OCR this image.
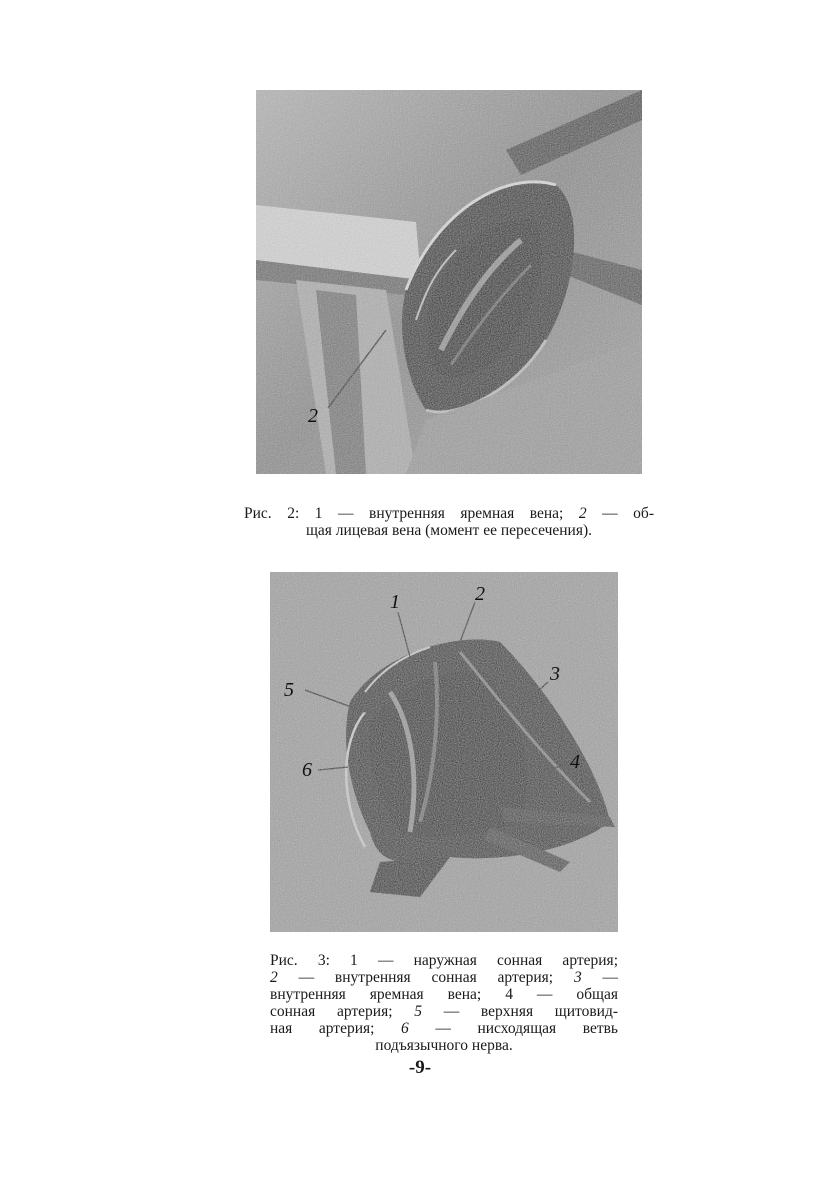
2
Рис. 2: 1 — внутренняя яремная вена; 2 — об-
щая лицевая вена (момент ее пересечения).
1	2
3
4
5
6
Рис. 3: 1 — наружная сонная артерия;
2 — внутренняя сонная артерия; 3 —
внутренняя яремная вена; 4 — общая
сонная артерия; 5 — верхняя щитовид-
ная артерия; 6 — нисходящая ветвь
подъязычного нерва.
-9-
